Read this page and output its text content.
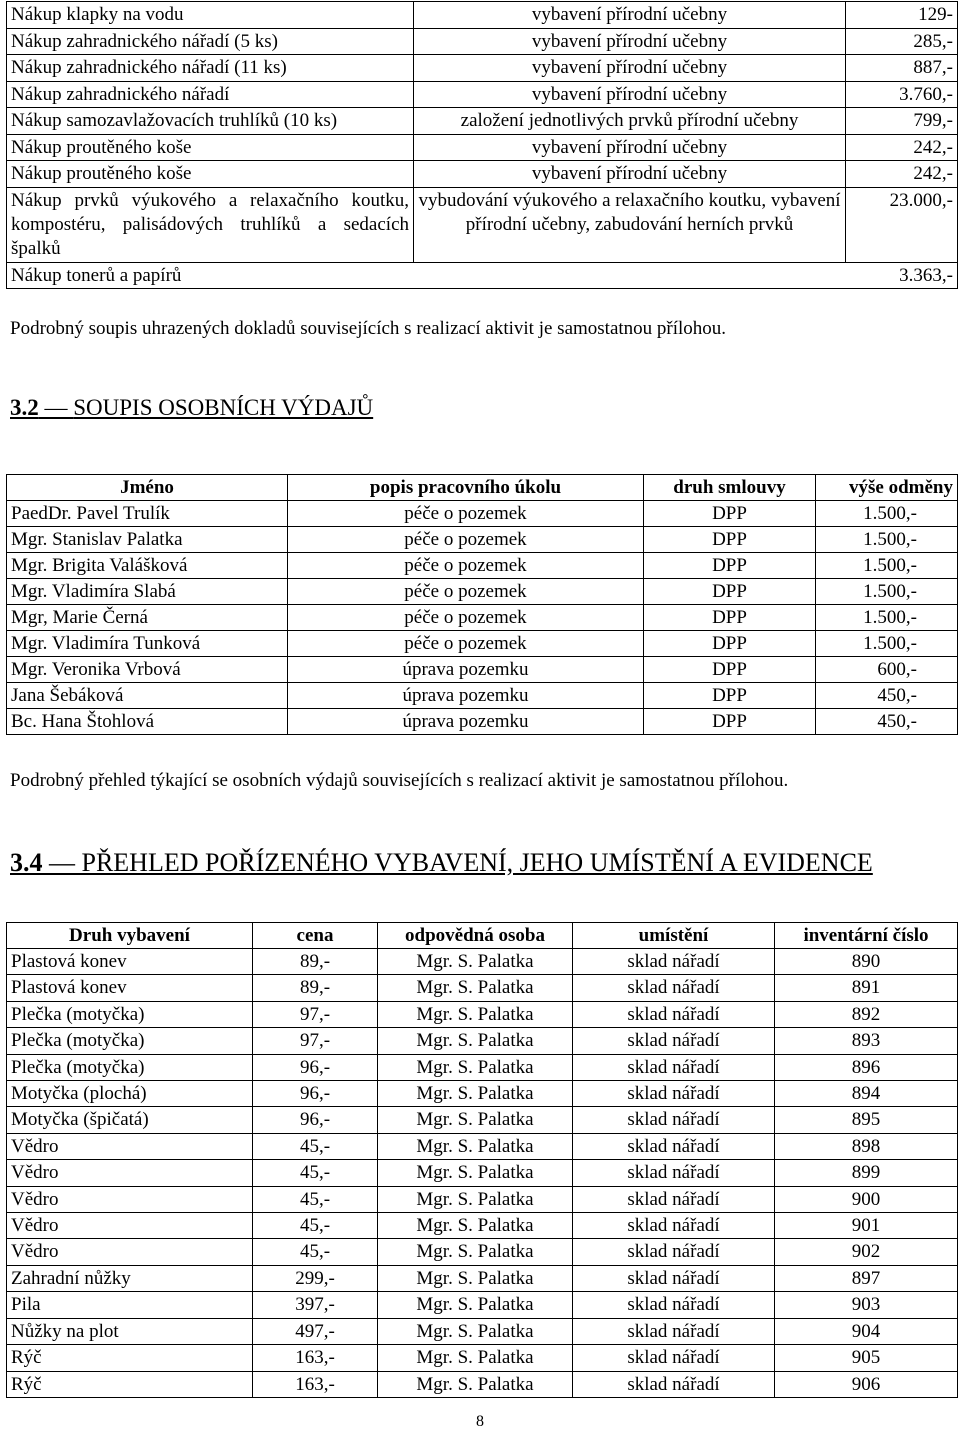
Nákup klapky na vodu	vybavení přírodní učebny	129-
Nákup zahradnického nářadí (5 ks)	vybavení přírodní učebny	285,-
Nákup zahradnického nářadí (11 ks)	vybavení přírodní učebny	887,-
Nákup zahradnického nářadí	vybavení přírodní učebny	3.760,-
Nákup samozavlažovacích truhlíků (10 ks)	založení jednotlivých prvků přírodní učebny	799,-
Nákup proutěného koše	vybavení přírodní učebny	242,-
Nákup proutěného koše	vybavení přírodní učebny	242,-
Nákup prvků výukového a relaxačního koutku, kompostéru, palisádových truhlíků a sedacích špalků	vybudování výukového a relaxačního koutku, vybavení přírodní učebny, zabudování herních prvků	23.000,-
Nákup tonerů a papírů		3.363,-
Podrobný soupis uhrazených dokladů souvisejících s realizací aktivit je samostatnou přílohou.
3.2 — SOUPIS OSOBNÍCH VÝDAJŮ
Jméno	popis pracovního úkolu	druh smlouvy	výše odměny
PaedDr. Pavel Trulík	péče o pozemek	DPP	1.500,-
Mgr. Stanislav Palatka	péče o pozemek	DPP	1.500,-
Mgr. Brigita Valášková	péče o pozemek	DPP	1.500,-
Mgr. Vladimíra Slabá	péče o pozemek	DPP	1.500,-
Mgr, Marie Černá	péče o pozemek	DPP	1.500,-
Mgr. Vladimíra Tunková	péče o pozemek	DPP	1.500,-
Mgr. Veronika Vrbová	úprava pozemku	DPP	600,-
Jana Šebáková	úprava pozemku	DPP	450,-
Bc. Hana Štohlová	úprava pozemku	DPP	450,-
Podrobný přehled týkající se osobních výdajů souvisejících s realizací aktivit je samostatnou přílohou.
3.4 — PŘEHLED POŘÍZENÉHO VYBAVENÍ, JEHO UMÍSTĚNÍ A EVIDENCE
Druh vybavení	cena	odpovědná osoba	umístění	inventární číslo
Plastová konev	89,-	Mgr. S. Palatka	sklad nářadí	890
Plastová konev	89,-	Mgr. S. Palatka	sklad nářadí	891
Plečka (motyčka)	97,-	Mgr. S. Palatka	sklad nářadí	892
Plečka (motyčka)	97,-	Mgr. S. Palatka	sklad nářadí	893
Plečka (motyčka)	96,-	Mgr. S. Palatka	sklad nářadí	896
Motyčka (plochá)	96,-	Mgr. S. Palatka	sklad nářadí	894
Motyčka (špičatá)	96,-	Mgr. S. Palatka	sklad nářadí	895
Vědro	45,-	Mgr. S. Palatka	sklad nářadí	898
Vědro	45,-	Mgr. S. Palatka	sklad nářadí	899
Vědro	45,-	Mgr. S. Palatka	sklad nářadí	900
Vědro	45,-	Mgr. S. Palatka	sklad nářadí	901
Vědro	45,-	Mgr. S. Palatka	sklad nářadí	902
Zahradní nůžky	299,-	Mgr. S. Palatka	sklad nářadí	897
Pila	397,-	Mgr. S. Palatka	sklad nářadí	903
Nůžky na plot	497,-	Mgr. S. Palatka	sklad nářadí	904
Rýč	163,-	Mgr. S. Palatka	sklad nářadí	905
Rýč	163,-	Mgr. S. Palatka	sklad nářadí	906
8
